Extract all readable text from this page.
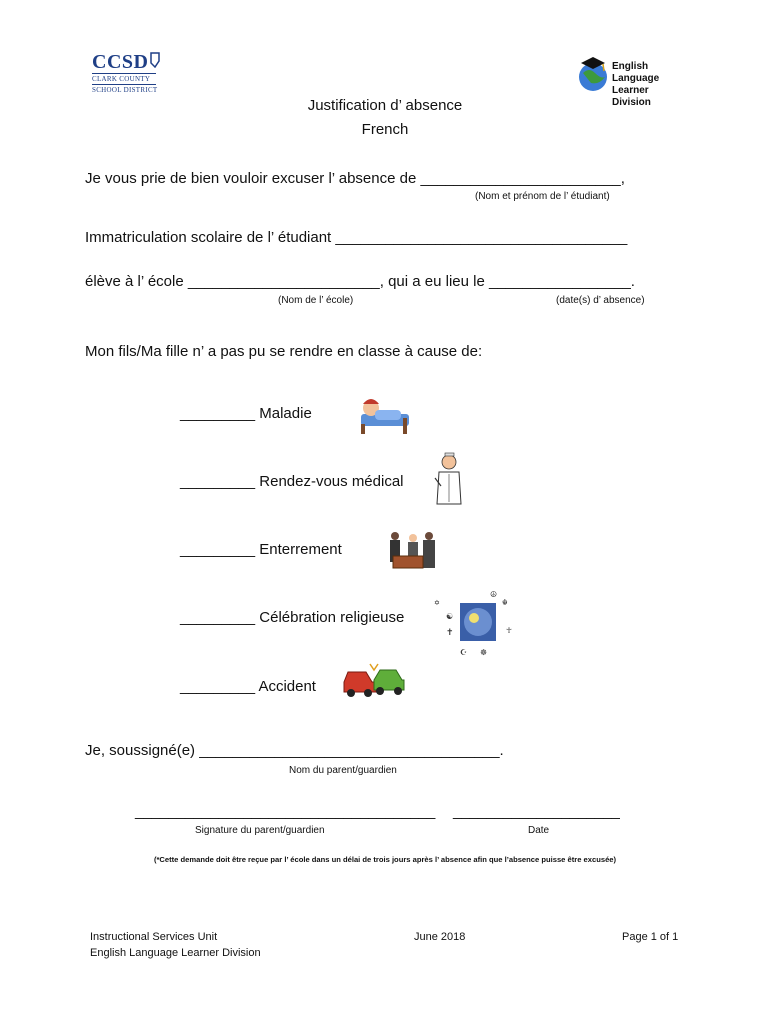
CCSD
CLARK COUNTY
SCHOOL DISTRICT
English Language
Learner Division
Justification d’ absence
French
Je vous prie de bien vouloir excuser l’ absence de ________________________,
(Nom et prénom de l’ étudiant)
Immatriculation scolaire de l’ étudiant ___________________________________
élève à l’ école _______________________, qui a eu lieu le _________________.
(Nom de l’ école)	(date(s) d’ absence)
Mon fils/Ma fille n’ a pas pu se rendre en classe à cause de:
_________ Maladie
_________ Rendez-vous médical
_________ Enterrement
_________ Célébration religieuse
✡
☯
✝
☪ ☸
☬
☥
☮
_________ Accident
Je, soussigné(e) ____________________________________.
Nom du parent/guardien
____________________________________
Signature du parent/guardien
____________________
Date
(*Cette demande doit être reçue par l’ école dans un délai de trois jours après l’ absence afin que l’absence puisse être excusée)
Instructional Services Unit
English Language Learner Division
June 2018	Page 1 of 1
